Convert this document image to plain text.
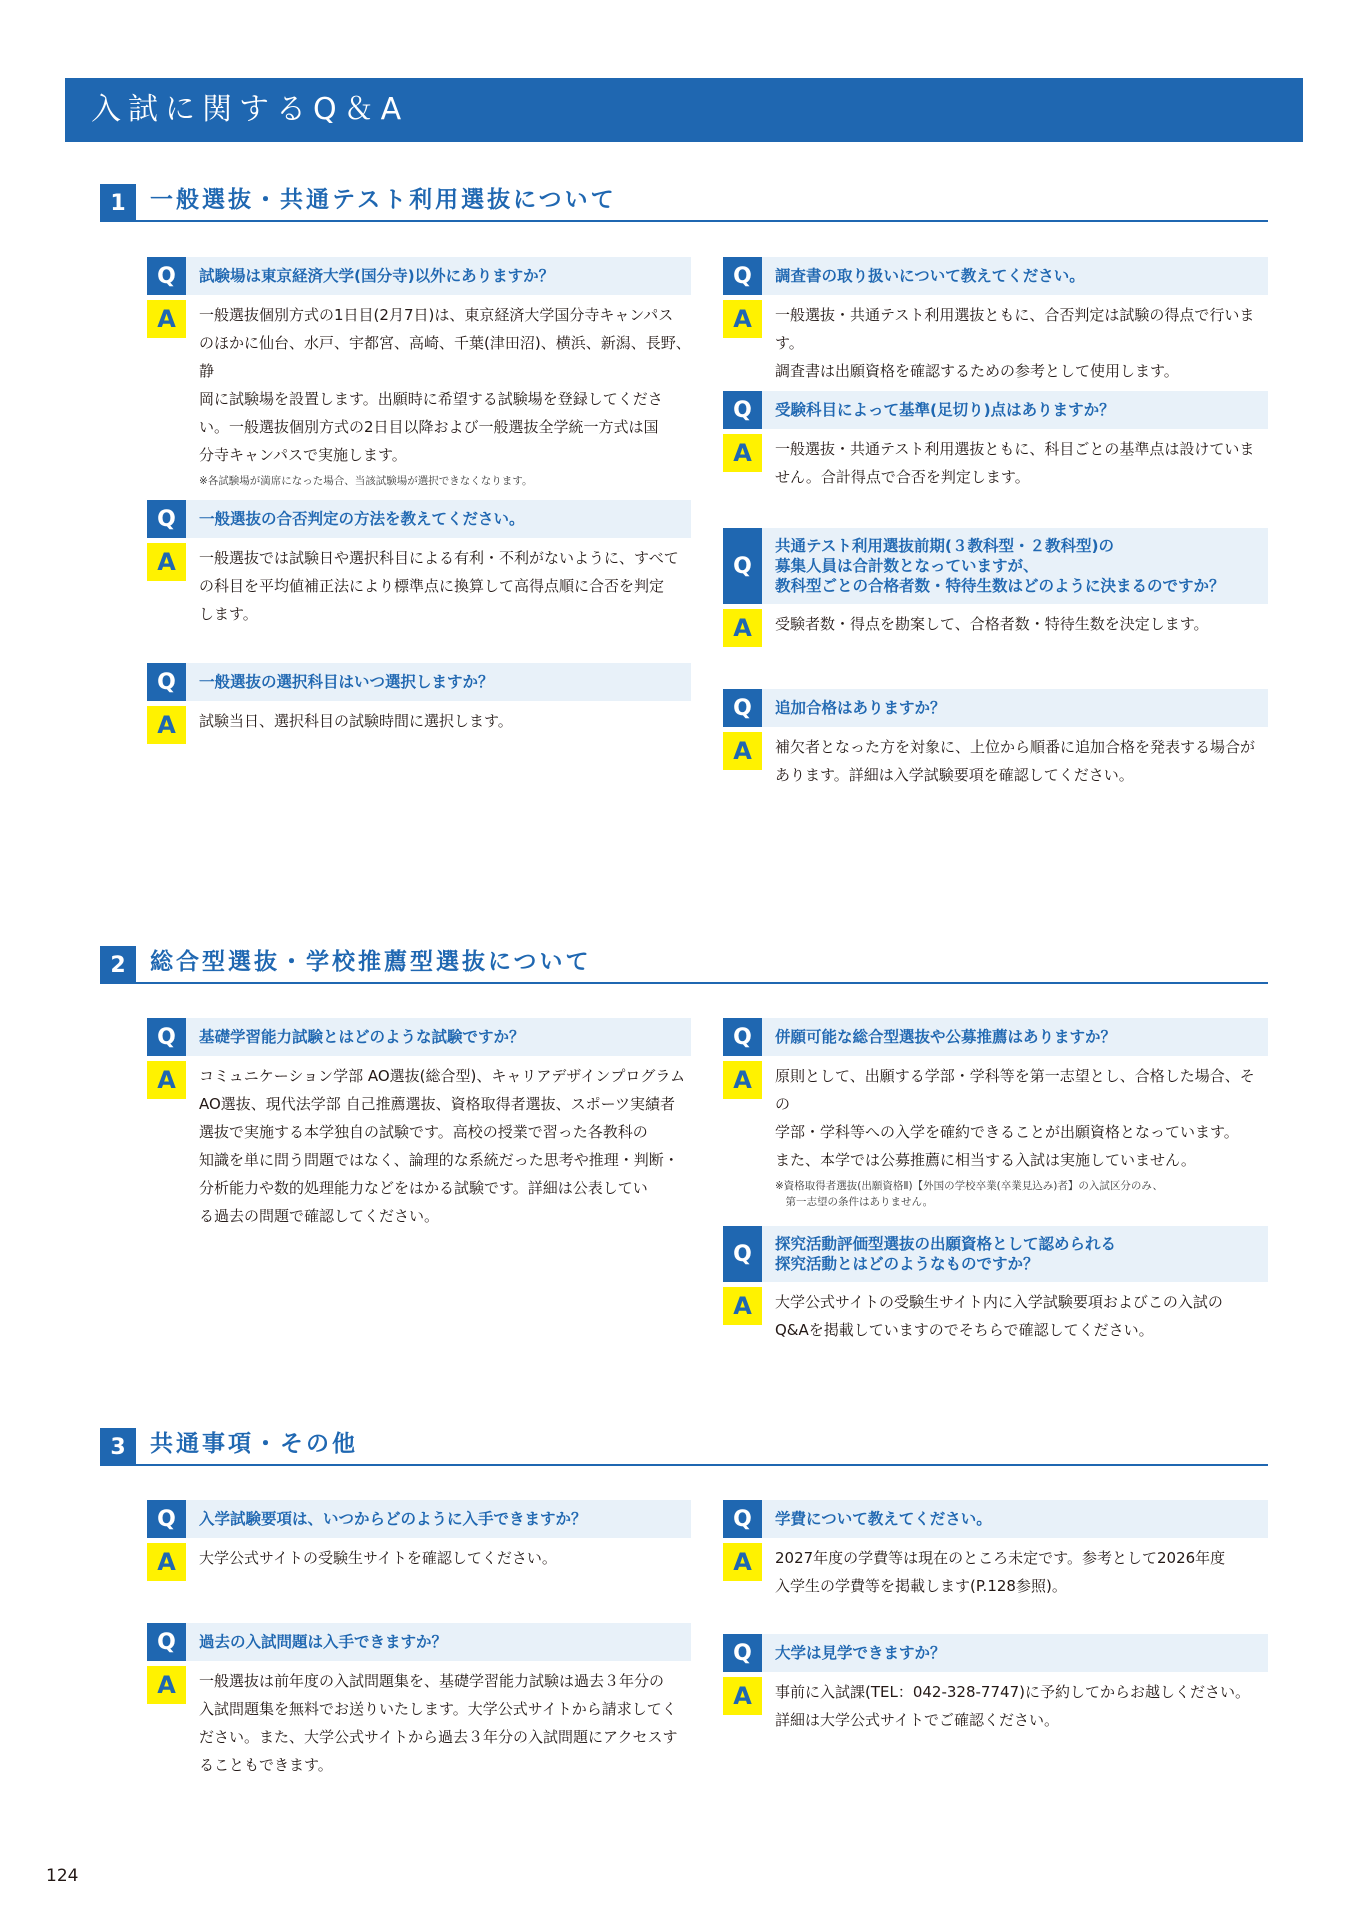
入試に関するQ＆A
1	一般選抜・共通テスト利用選抜について
Q	試験場は東京経済大学(国分寺)以外にありますか？
A	一般選抜個別方式の1日目(2月7日)は、東京経済大学国分寺キャンパス
のほかに仙台、水戸、宇都宮、高崎、千葉(津田沼)、横浜、新潟、長野、静
岡に試験場を設置します。出願時に希望する試験場を登録してくださ
い。一般選抜個別方式の2日目以降および一般選抜全学統一方式は国
分寺キャンパスで実施します。
※各試験場が満席になった場合、当該試験場が選択できなくなります。
Q	一般選抜の合否判定の方法を教えてください。
A	一般選抜では試験日や選択科目による有利・不利がないように、すべて
の科目を平均値補正法により標準点に換算して高得点順に合否を判定
します。
Q	一般選抜の選択科目はいつ選択しますか？
A	試験当日、選択科目の試験時間に選択します。
Q	調査書の取り扱いについて教えてください。
A	一般選抜・共通テスト利用選抜ともに、合否判定は試験の得点で行います。
調査書は出願資格を確認するための参考として使用します。
Q	受験科目によって基準(足切り)点はありますか？
A	一般選抜・共通テスト利用選抜ともに、科目ごとの基準点は設けていま
せん。合計得点で合否を判定します。
Q
共通テスト利用選抜前期(３教科型・２教科型)の
募集人員は合計数となっていますが、
教科型ごとの合格者数・特待生数はどのように決まるのですか？
A	受験者数・得点を勘案して、合格者数・特待生数を決定します。
Q	追加合格はありますか？
A	補欠者となった方を対象に、上位から順番に追加合格を発表する場合が
あります。詳細は入学試験要項を確認してください。
2	総合型選抜・学校推薦型選抜について
Q	基礎学習能力試験とはどのような試験ですか？
A	コミュニケーション学部 AO選抜(総合型)、キャリアデザインプログラム
AO選抜、現代法学部 自己推薦選抜、資格取得者選抜、スポーツ実績者
選抜で実施する本学独自の試験です。高校の授業で習った各教科の
知識を単に問う問題ではなく、論理的な系統だった思考や推理・判断・
分析能力や数的処理能力などをはかる試験です。詳細は公表してい
る過去の問題で確認してください。
Q	併願可能な総合型選抜や公募推薦はありますか？
A	原則として、出願する学部・学科等を第一志望とし、合格した場合、その
学部・学科等への入学を確約できることが出願資格となっています。
また、本学では公募推薦に相当する入試は実施していません。
※資格取得者選抜(出願資格Ⅱ)【外国の学校卒業(卒業見込み)者】の入試区分のみ、
　第一志望の条件はありません。
Q	探究活動評価型選抜の出願資格として認められる
探究活動とはどのようなものですか？
A	大学公式サイトの受験生サイト内に入学試験要項およびこの入試の
Q&Aを掲載していますのでそちらで確認してください。
3	共通事項・その他
Q	入学試験要項は、いつからどのように入手できますか？
A	大学公式サイトの受験生サイトを確認してください。
Q	過去の入試問題は入手できますか？
A	一般選抜は前年度の入試問題集を、基礎学習能力試験は過去３年分の
入試問題集を無料でお送りいたします。大学公式サイトから請求してく
ださい。また、大学公式サイトから過去３年分の入試問題にアクセスす
ることもできます。
Q	学費について教えてください。
A	2027年度の学費等は現在のところ未定です。参考として2026年度
入学生の学費等を掲載します(P.128参照)。
Q	大学は見学できますか？
A	事前に入試課(TEL：042-328-7747)に予約してからお越しください。
詳細は大学公式サイトでご確認ください。
124
